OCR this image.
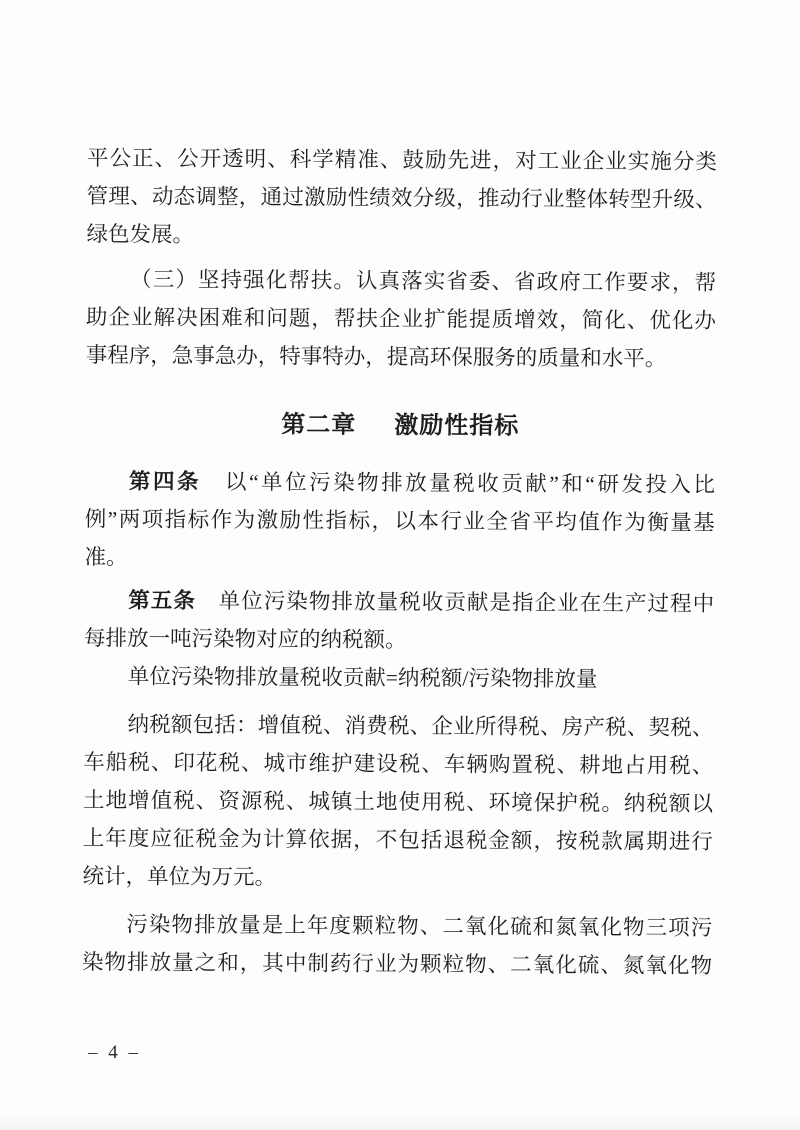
平公正、公开透明、科学精准、鼓励先进，对工业企业实施分类
管理、动态调整，通过激励性绩效分级，推动行业整体转型升级、
绿色发展。
（三）坚持强化帮扶。认真落实省委、省政府工作要求，帮
助企业解决困难和问题，帮扶企业扩能提质增效，简化、优化办
事程序，急事急办，特事特办，提高环保服务的质量和水平。
第二章 激励性指标
第四条　以“单位污染物排放量税收贡献”和“研发投入比
例”两项指标作为激励性指标，以本行业全省平均值作为衡量基
准。
第五条　单位污染物排放量税收贡献是指企业在生产过程中
每排放一吨污染物对应的纳税额。
单位污染物排放量税收贡献=纳税额/污染物排放量
纳税额包括：增值税、消费税、企业所得税、房产税、契税、
车船税、印花税、城市维护建设税、车辆购置税、耕地占用税、
土地增值税、资源税、城镇土地使用税、环境保护税。纳税额以
上年度应征税金为计算依据，不包括退税金额，按税款属期进行
统计，单位为万元。
污染物排放量是上年度颗粒物、二氧化硫和氮氧化物三项污
染物排放量之和，其中制药行业为颗粒物、二氧化硫、氮氧化物
– 4 –
